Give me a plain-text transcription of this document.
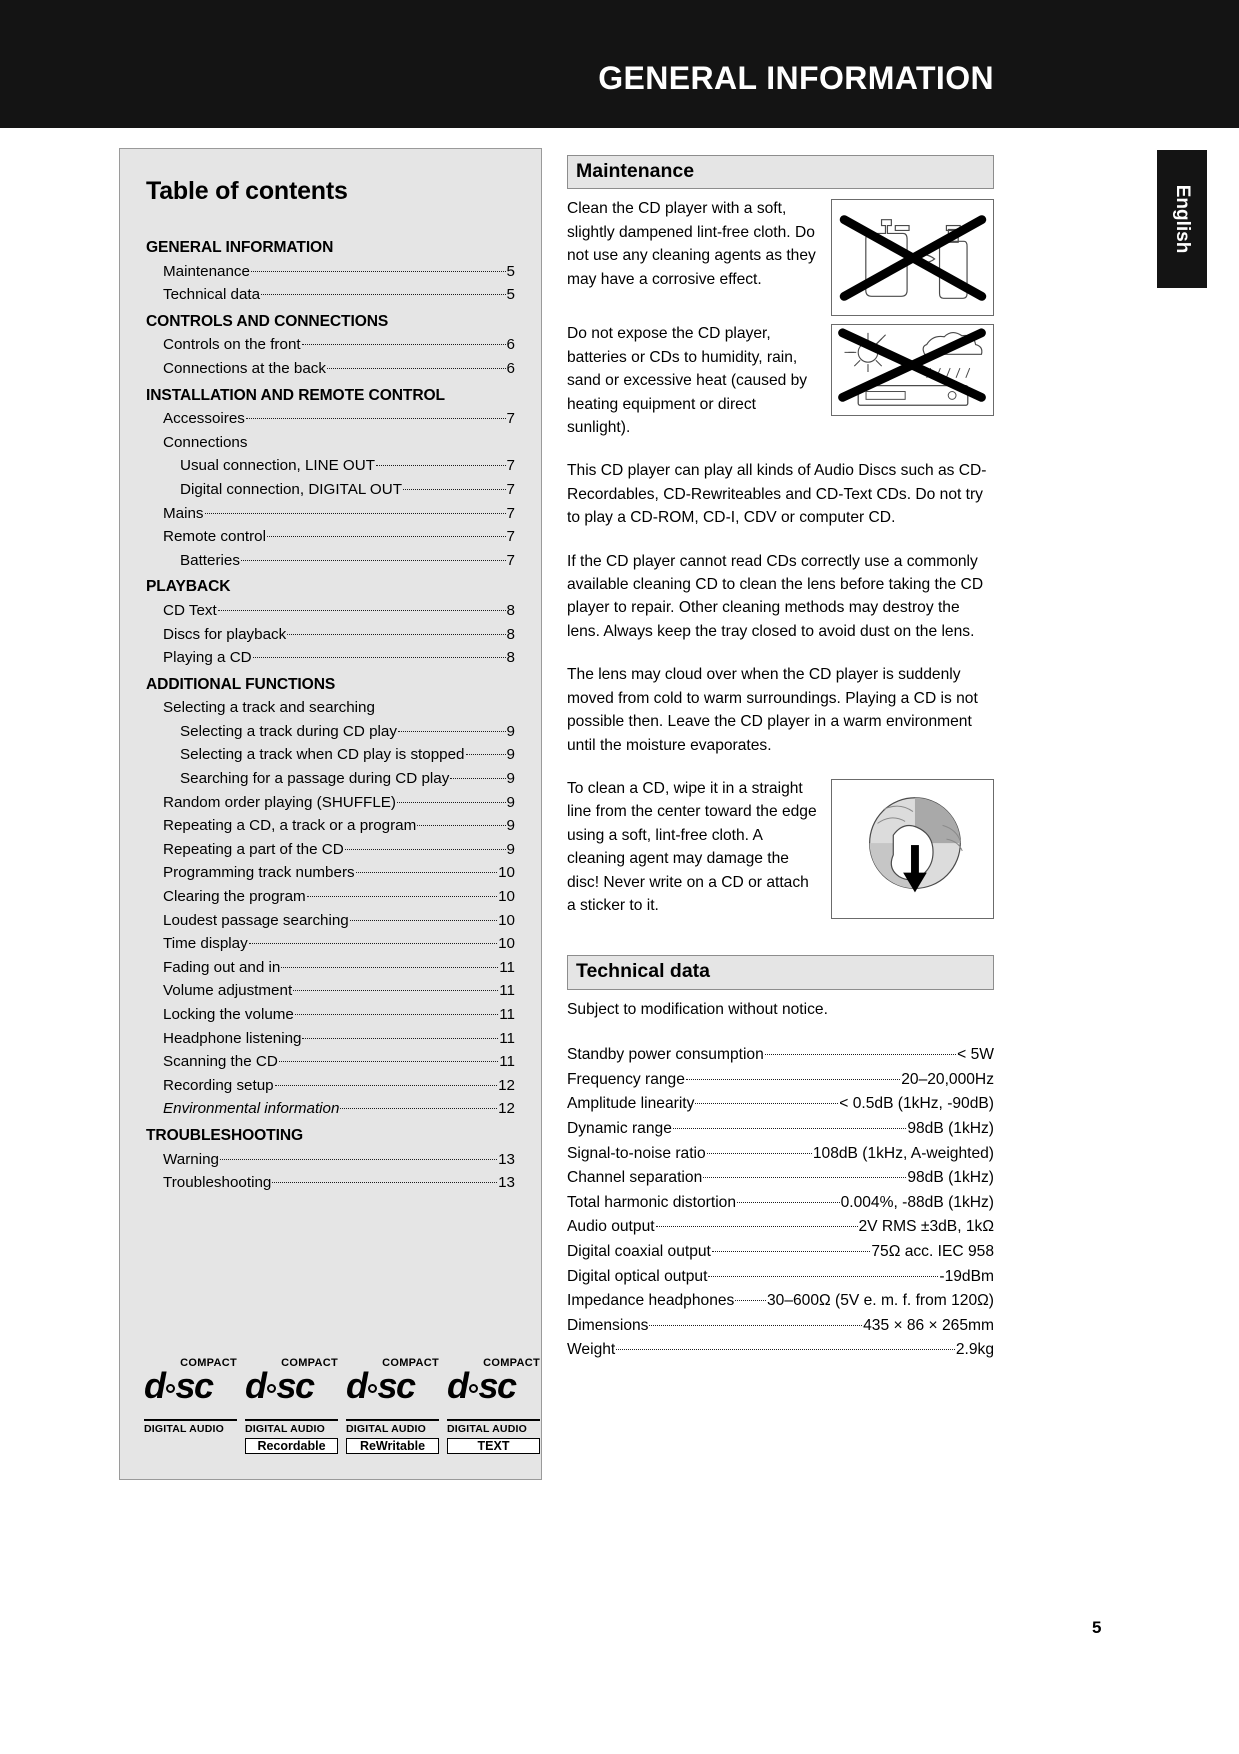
GENERAL INFORMATION
English
Table of contents
GENERAL INFORMATION
Maintenance	5
Technical data	5
CONTROLS AND CONNECTIONS
Controls on the front	6
Connections at the back	6
INSTALLATION AND REMOTE CONTROL
Accessoires	7
Connections
Usual connection, LINE OUT	7
Digital connection, DIGITAL OUT	7
Mains	7
Remote control	7
Batteries	7
PLAYBACK
CD Text	8
Discs for playback	8
Playing a CD	8
ADDITIONAL FUNCTIONS
Selecting a track and searching
Selecting a track during CD play	9
Selecting a track when CD play is stopped	9
Searching for a passage during CD play	9
Random order playing (SHUFFLE)	9
Repeating a CD, a track or a program	9
Repeating a part of the CD	9
Programming track numbers	10
Clearing the program	10
Loudest passage searching	10
Time display	10
Fading out and in	11
Volume adjustment	11
Locking the volume	11
Headphone listening	11
Scanning the CD	11
Recording setup	12
Environmental information	12
TROUBLESHOOTING
Warning	13
Troubleshooting	13
COMPACT
d sc
DIGITAL AUDIO
COMPACT
d sc
DIGITAL AUDIO
Recordable
COMPACT
d sc
DIGITAL AUDIO
ReWritable
COMPACT
d sc
DIGITAL AUDIO
TEXT
Maintenance
Clean the CD player with a soft, slightly dampened lint-free cloth. Do not use any cleaning agents as they may have a corrosive effect.
Do not expose the CD player, batteries or CDs to humidity, rain, sand or excessive heat (caused by heating equipment or direct sunlight).
This CD player can play all kinds of Audio Discs such as CD-Recordables, CD-Rewriteables and CD-Text CDs. Do not try to play a CD-ROM, CD-I, CDV or computer CD.
If the CD player cannot read CDs correctly use a commonly available cleaning CD to clean the lens before taking the CD player to repair. Other cleaning methods may destroy the lens. Always keep the tray closed to avoid dust on the lens.
The lens may cloud over when the CD player is suddenly moved from cold to warm surroundings. Playing a CD is not possible then. Leave the CD player in a warm environment until the moisture evaporates.
To clean a CD, wipe it in a straight line from the center toward the edge using a soft, lint-free cloth. A cleaning agent may damage the disc! Never write on a CD or attach a sticker to it.
Technical data
Subject to modification without notice.
Standby power consumption	< 5W
Frequency range	20–20,000Hz
Amplitude linearity	< 0.5dB (1kHz, -90dB)
Dynamic range	98dB (1kHz)
Signal-to-noise ratio	108dB (1kHz, A-weighted)
Channel separation	98dB (1kHz)
Total harmonic distortion	0.004%, -88dB (1kHz)
Audio output	2V RMS ±3dB, 1kΩ
Digital coaxial output	75Ω acc. IEC 958
Digital optical output	-19dBm
Impedance headphones 30–600Ω (5V e. m. f. from 120Ω)
Dimensions	435 × 86 × 265mm
Weight	2.9kg
5
